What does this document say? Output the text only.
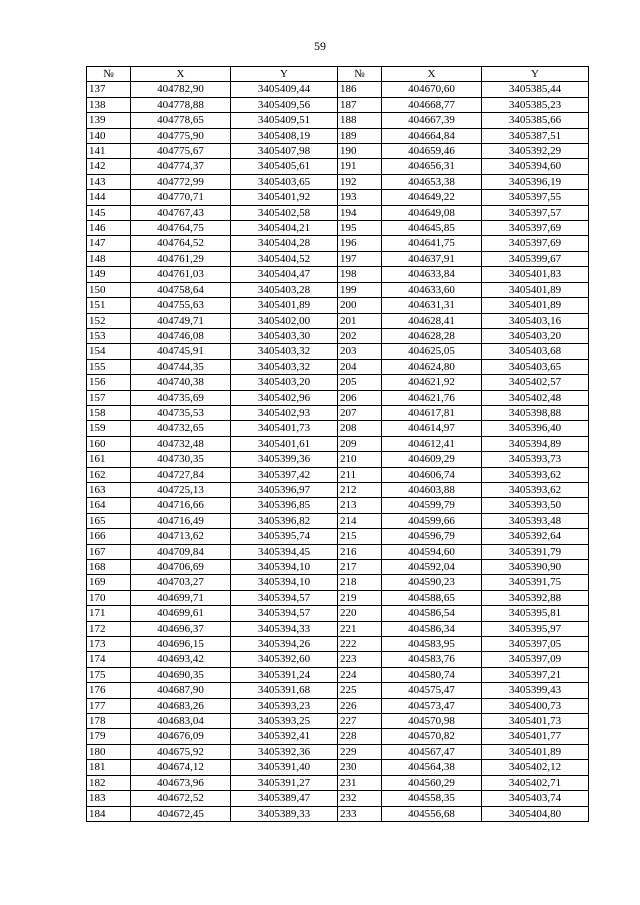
59
№	X	Y	№	X	Y
137	404782,90	3405409,44	186	404670,60	3405385,44
138	404778,88	3405409,56	187	404668,77	3405385,23
139	404778,65	3405409,51	188	404667,39	3405385,66
140	404775,90	3405408,19	189	404664,84	3405387,51
141	404775,67	3405407,98	190	404659,46	3405392,29
142	404774,37	3405405,61	191	404656,31	3405394,60
143	404772,99	3405403,65	192	404653,38	3405396,19
144	404770,71	3405401,92	193	404649,22	3405397,55
145	404767,43	3405402,58	194	404649,08	3405397,57
146	404764,75	3405404,21	195	404645,85	3405397,69
147	404764,52	3405404,28	196	404641,75	3405397,69
148	404761,29	3405404,52	197	404637,91	3405399,67
149	404761,03	3405404,47	198	404633,84	3405401,83
150	404758,64	3405403,28	199	404633,60	3405401,89
151	404755,63	3405401,89	200	404631,31	3405401,89
152	404749,71	3405402,00	201	404628,41	3405403,16
153	404746,08	3405403,30	202	404628,28	3405403,20
154	404745,91	3405403,32	203	404625,05	3405403,68
155	404744,35	3405403,32	204	404624,80	3405403,65
156	404740,38	3405403,20	205	404621,92	3405402,57
157	404735,69	3405402,96	206	404621,76	3405402,48
158	404735,53	3405402,93	207	404617,81	3405398,88
159	404732,65	3405401,73	208	404614,97	3405396,40
160	404732,48	3405401,61	209	404612,41	3405394,89
161	404730,35	3405399,36	210	404609,29	3405393,73
162	404727,84	3405397,42	211	404606,74	3405393,62
163	404725,13	3405396,97	212	404603,88	3405393,62
164	404716,66	3405396,85	213	404599,79	3405393,50
165	404716,49	3405396,82	214	404599,66	3405393,48
166	404713,62	3405395,74	215	404596,79	3405392,64
167	404709,84	3405394,45	216	404594,60	3405391,79
168	404706,69	3405394,10	217	404592,04	3405390,90
169	404703,27	3405394,10	218	404590,23	3405391,75
170	404699,71	3405394,57	219	404588,65	3405392,88
171	404699,61	3405394,57	220	404586,54	3405395,81
172	404696,37	3405394,33	221	404586,34	3405395,97
173	404696,15	3405394,26	222	404583,95	3405397,05
174	404693,42	3405392,60	223	404583,76	3405397,09
175	404690,35	3405391,24	224	404580,74	3405397,21
176	404687,90	3405391,68	225	404575,47	3405399,43
177	404683,26	3405393,23	226	404573,47	3405400,73
178	404683,04	3405393,25	227	404570,98	3405401,73
179	404676,09	3405392,41	228	404570,82	3405401,77
180	404675,92	3405392,36	229	404567,47	3405401,89
181	404674,12	3405391,40	230	404564,38	3405402,12
182	404673,96	3405391,27	231	404560,29	3405402,71
183	404672,52	3405389,47	232	404558,35	3405403,74
184	404672,45	3405389,33	233	404556,68	3405404,80
